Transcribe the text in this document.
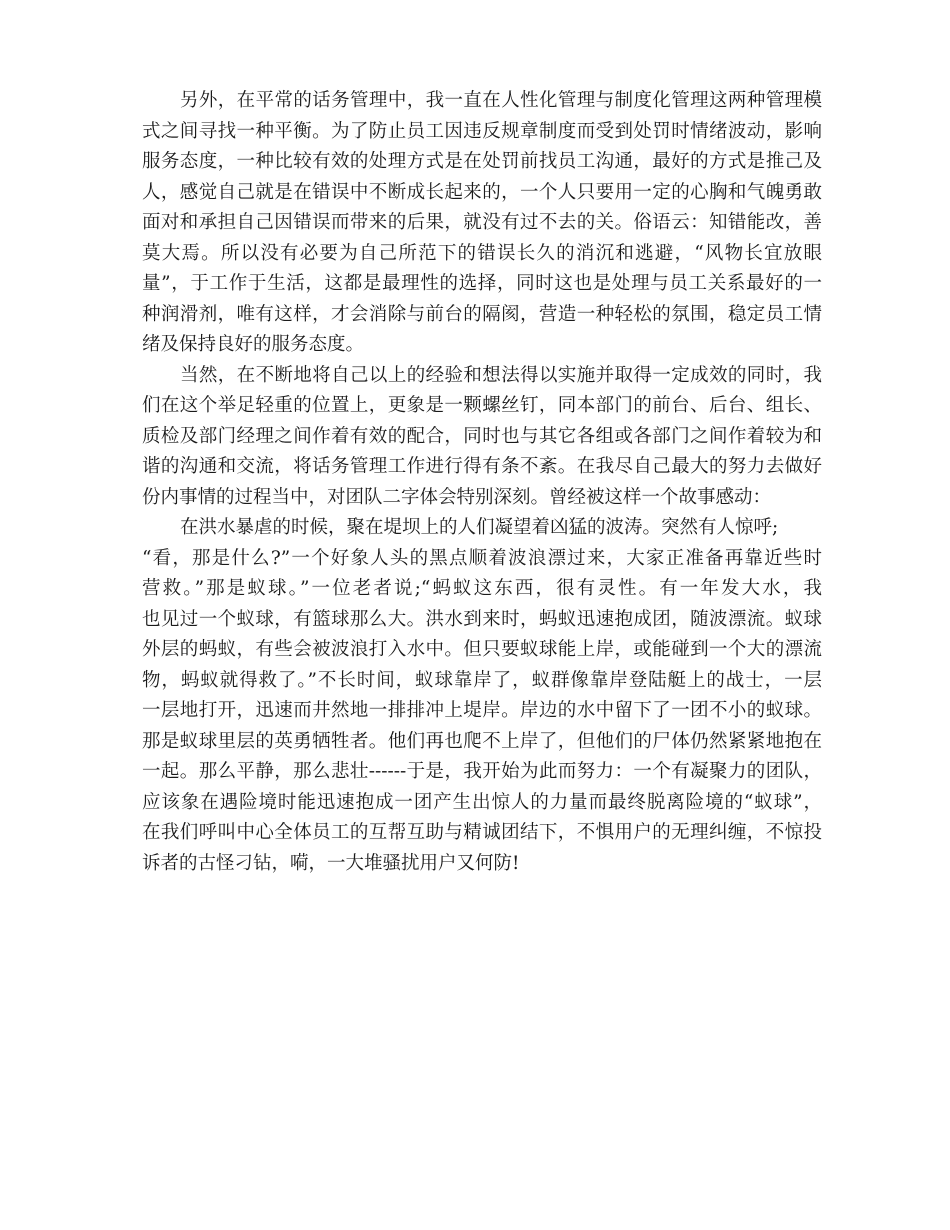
另外，在平常的话务管理中，我一直在人性化管理与制度化管理这两种管理模
式之间寻找一种平衡。为了防止员工因违反规章制度而受到处罚时情绪波动，影响
服务态度，一种比较有效的处理方式是在处罚前找员工沟通，最好的方式是推己及
人，感觉自己就是在错误中不断成长起来的，一个人只要用一定的心胸和气魄勇敢
面对和承担自己因错误而带来的后果，就没有过不去的关。俗语云：知错能改，善
莫大焉。所以没有必要为自己所范下的错误长久的消沉和逃避，“风物长宜放眼
量”，于工作于生活，这都是最理性的选择，同时这也是处理与员工关系最好的一
种润滑剂，唯有这样，才会消除与前台的隔阂，营造一种轻松的氛围，稳定员工情
绪及保持良好的服务态度。
当然，在不断地将自己以上的经验和想法得以实施并取得一定成效的同时，我
们在这个举足轻重的位置上，更象是一颗螺丝钉，同本部门的前台、后台、组长、
质检及部门经理之间作着有效的配合，同时也与其它各组或各部门之间作着较为和
谐的沟通和交流，将话务管理工作进行得有条不紊。在我尽自己最大的努力去做好
份内事情的过程当中，对团队二字体会特别深刻。曾经被这样一个故事感动：
在洪水暴虐的时候，聚在堤坝上的人们凝望着凶猛的波涛。突然有人惊呼;
“看，那是什么?”一个好象人头的黑点顺着波浪漂过来，大家正准备再靠近些时
营救。”那是蚁球。”一位老者说;“蚂蚁这东西，很有灵性。有一年发大水，我
也见过一个蚁球，有篮球那么大。洪水到来时，蚂蚁迅速抱成团，随波漂流。蚁球
外层的蚂蚁，有些会被波浪打入水中。但只要蚁球能上岸，或能碰到一个大的漂流
物，蚂蚁就得救了。”不长时间，蚁球靠岸了，蚁群像靠岸登陆艇上的战士，一层
一层地打开，迅速而井然地一排排冲上堤岸。岸边的水中留下了一团不小的蚁球。
那是蚁球里层的英勇牺牲者。他们再也爬不上岸了，但他们的尸体仍然紧紧地抱在
一起。那么平静，那么悲壮------于是，我开始为此而努力：一个有凝聚力的团队，
应该象在遇险境时能迅速抱成一团产生出惊人的力量而最终脱离险境的“蚁球”，
在我们呼叫中心全体员工的互帮互助与精诚团结下，不惧用户的无理纠缠，不惊投
诉者的古怪刁钻，嗬，一大堆骚扰用户又何防!
